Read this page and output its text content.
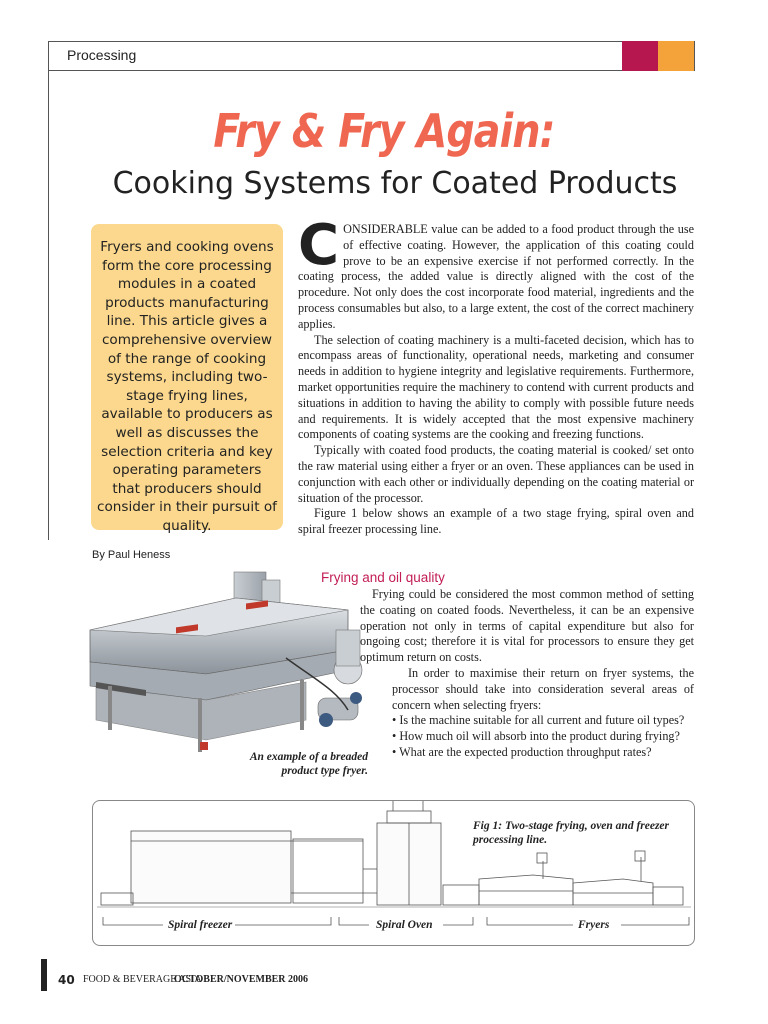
Processing
Fry & Fry Again:
Cooking Systems for Coated Products
Fryers and cooking ovens form the core processing modules in a coated products manufacturing line. This article gives a comprehensive overview of the range of cooking systems, including two-stage frying lines, available to producers as well as discusses the selection criteria and key operating parameters that producers should consider in their pursuit of quality.
By Paul Heness

CONSIDERABLE value can be added to a food product through the use of effective coating. However, the application of this coating could prove to be an expensive exercise if not performed correctly. In the coating process, the added value is directly aligned with the cost of the procedure. Not only does the cost incorporate food material, ingredients and the process consumables but also, to a large extent, the cost of the correct machinery applies.

The selection of coating machinery is a multi-faceted decision, which has to encompass areas of functionality, operational needs, marketing and consumer needs in addition to hygiene integrity and legislative requirements. Furthermore, market opportunities require the machinery to contend with current products and situations in addition to having the ability to comply with possible future needs and requirements. It is widely accepted that the most expensive machinery components of coating systems are the cooking and freezing functions.

Typically with coated food products, the coating material is cooked/ set onto the raw material using either a fryer or an oven. These appliances can be used in conjunction with each other or individually depending on the coating material or situation of the processor.

Figure 1 below shows an example of a two stage frying, spiral oven and spiral freezer processing line.

An example of a breaded product type fryer.
Frying and oil quality

Frying could be considered the most common method of setting the coating on coated foods. Nevertheless, it can be an expensive operation not only in terms of capital expenditure but also for ongoing cost; therefore it is vital for processors to ensure they get optimum return on costs.

In order to maximise their return on fryer systems, the processor should take into consideration several areas of concern when selecting fryers:

• Is the machine suitable for all current and future oil types?

• How much oil will absorb into the product during frying?

• What are the expected production throughput rates?

Fig 1: Two-stage frying, oven and freezer processing line.
Spiral freezer	Spiral Oven	Fryers
40 FOOD & BEVERAGE ASIA
OCTOBER/NOVEMBER 2006
